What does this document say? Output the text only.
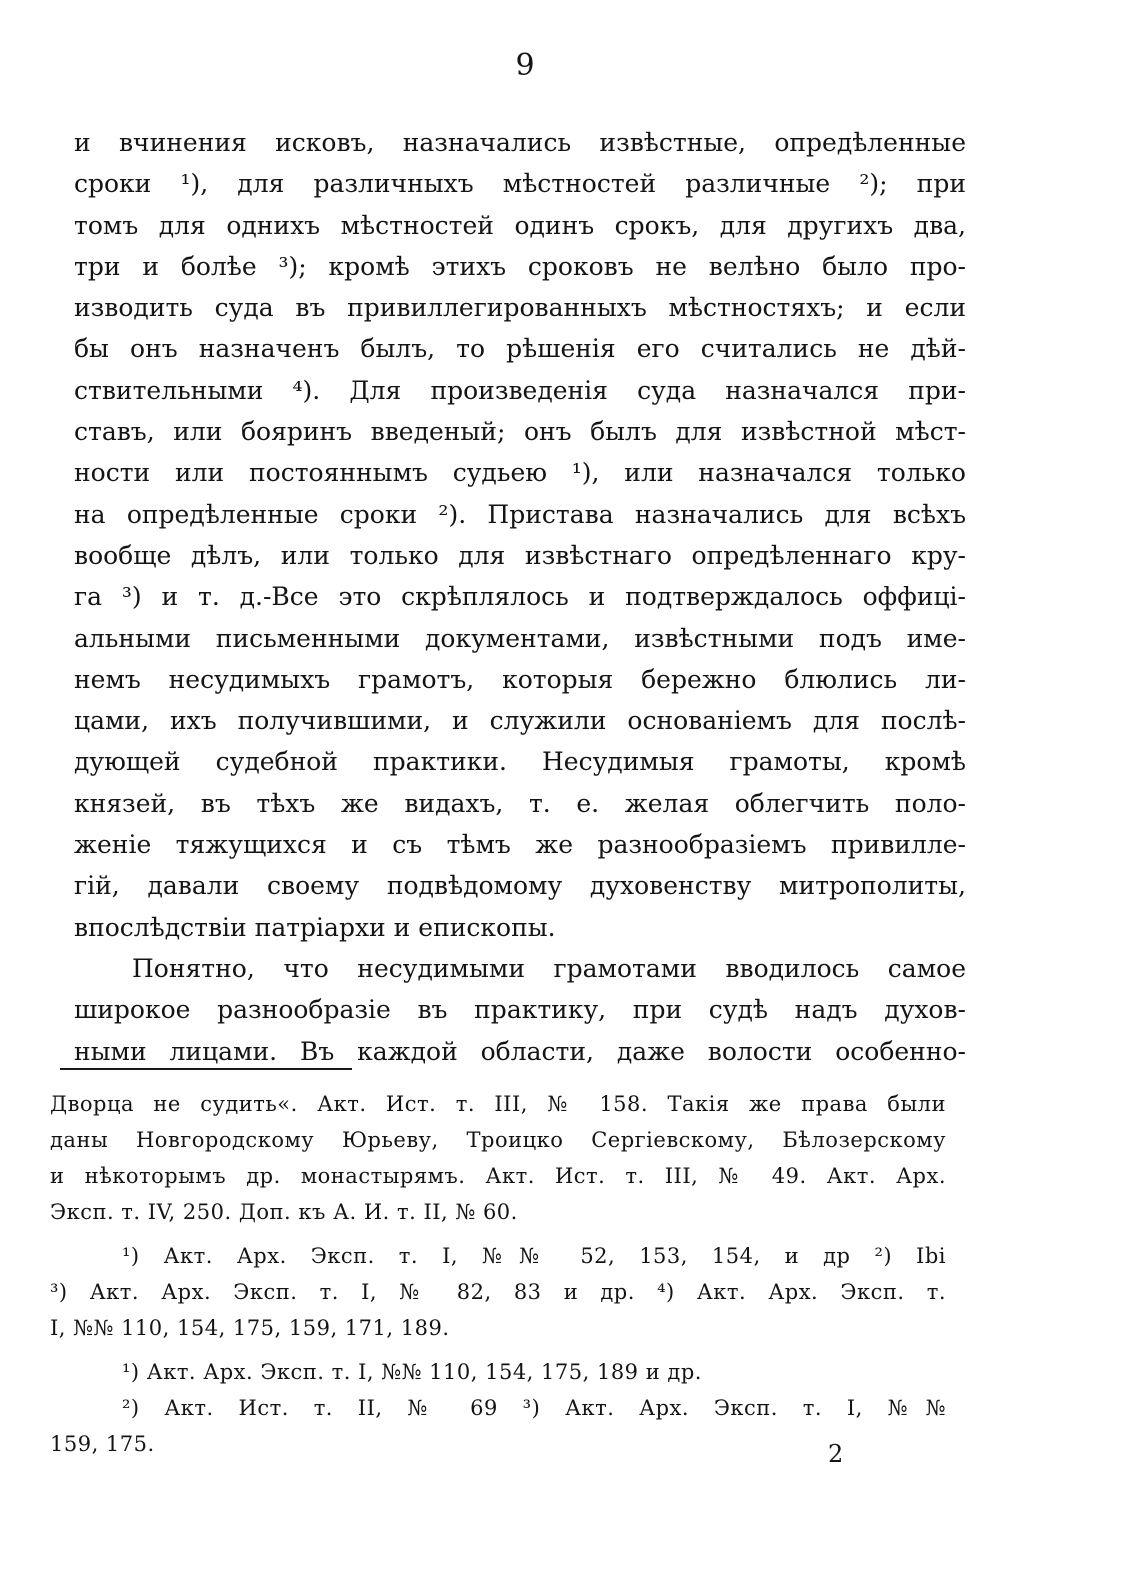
9
и вчинения исковъ, назначались извѣстные, опредѣленные
сроки ¹), для различныхъ мѣстностей различные ²); при
томъ для однихъ мѣстностей одинъ срокъ, для другихъ два,
три и болѣе ³); кромѣ этихъ сроковъ не велѣно было про-
изводить суда въ привиллегированныхъ мѣстностяхъ; и если
бы онъ назначенъ былъ, то рѣшенія его считались не дѣй-
ствительными ⁴). Для произведенія суда назначался при-
ставъ, или бояринъ введеный; онъ былъ для извѣстной мѣст-
ности или постояннымъ судьею ¹), или назначался только
на опредѣленные сроки ²). Пристава назначались для всѣхъ
вообще дѣлъ, или только для извѣстнаго опредѣленнаго кру-
га ³) и т. д.-Все это скрѣплялось и подтверждалось оффиці-
альными письменными документами, извѣстными подъ име-
немъ несудимыхъ грамотъ, которыя бережно блюлись ли-
цами, ихъ получившими, и служили основаніемъ для послѣ-
дующей судебной практики. Несудимыя грамоты, кромѣ
князей, въ тѣхъ же видахъ, т. е. желая облегчить поло-
женіе тяжущихся и съ тѣмъ же разнообразіемъ привилле-
гій, давали своему подвѣдомому духовенству митрополиты,
впослѣдствіи патріархи и епископы.
Понятно, что несудимыми грамотами вводилось самое
широкое разнообразіе въ практику, при судѣ надъ духов-
ными лицами. Въ каждой области, даже волости особенно-
Дворца не судить«. Акт. Ист. т. III, № 158. Такія же права были
даны Новгородскому Юрьеву, Троицко Сергіевскому, Бѣлозерскому
и нѣкоторымъ др. монастырямъ. Акт. Ист. т. III, № 49. Акт. Арх.
Эксп. т. IV, 250. Доп. къ А. И. т. II, № 60.
¹) Акт. Арх. Эксп. т. I, №№ 52, 153, 154, и др ²) Ibi
³) Акт. Арх. Эксп. т. I, № 82, 83 и др. ⁴) Акт. Арх. Эксп. т.
I, №№ 110, 154, 175, 159, 171, 189.
¹) Акт. Арх. Эксп. т. I, №№ 110, 154, 175, 189 и др.
²) Акт. Ист. т. II, № 69 ³) Акт. Арх. Эксп. т. I, №№
159, 175.	2
